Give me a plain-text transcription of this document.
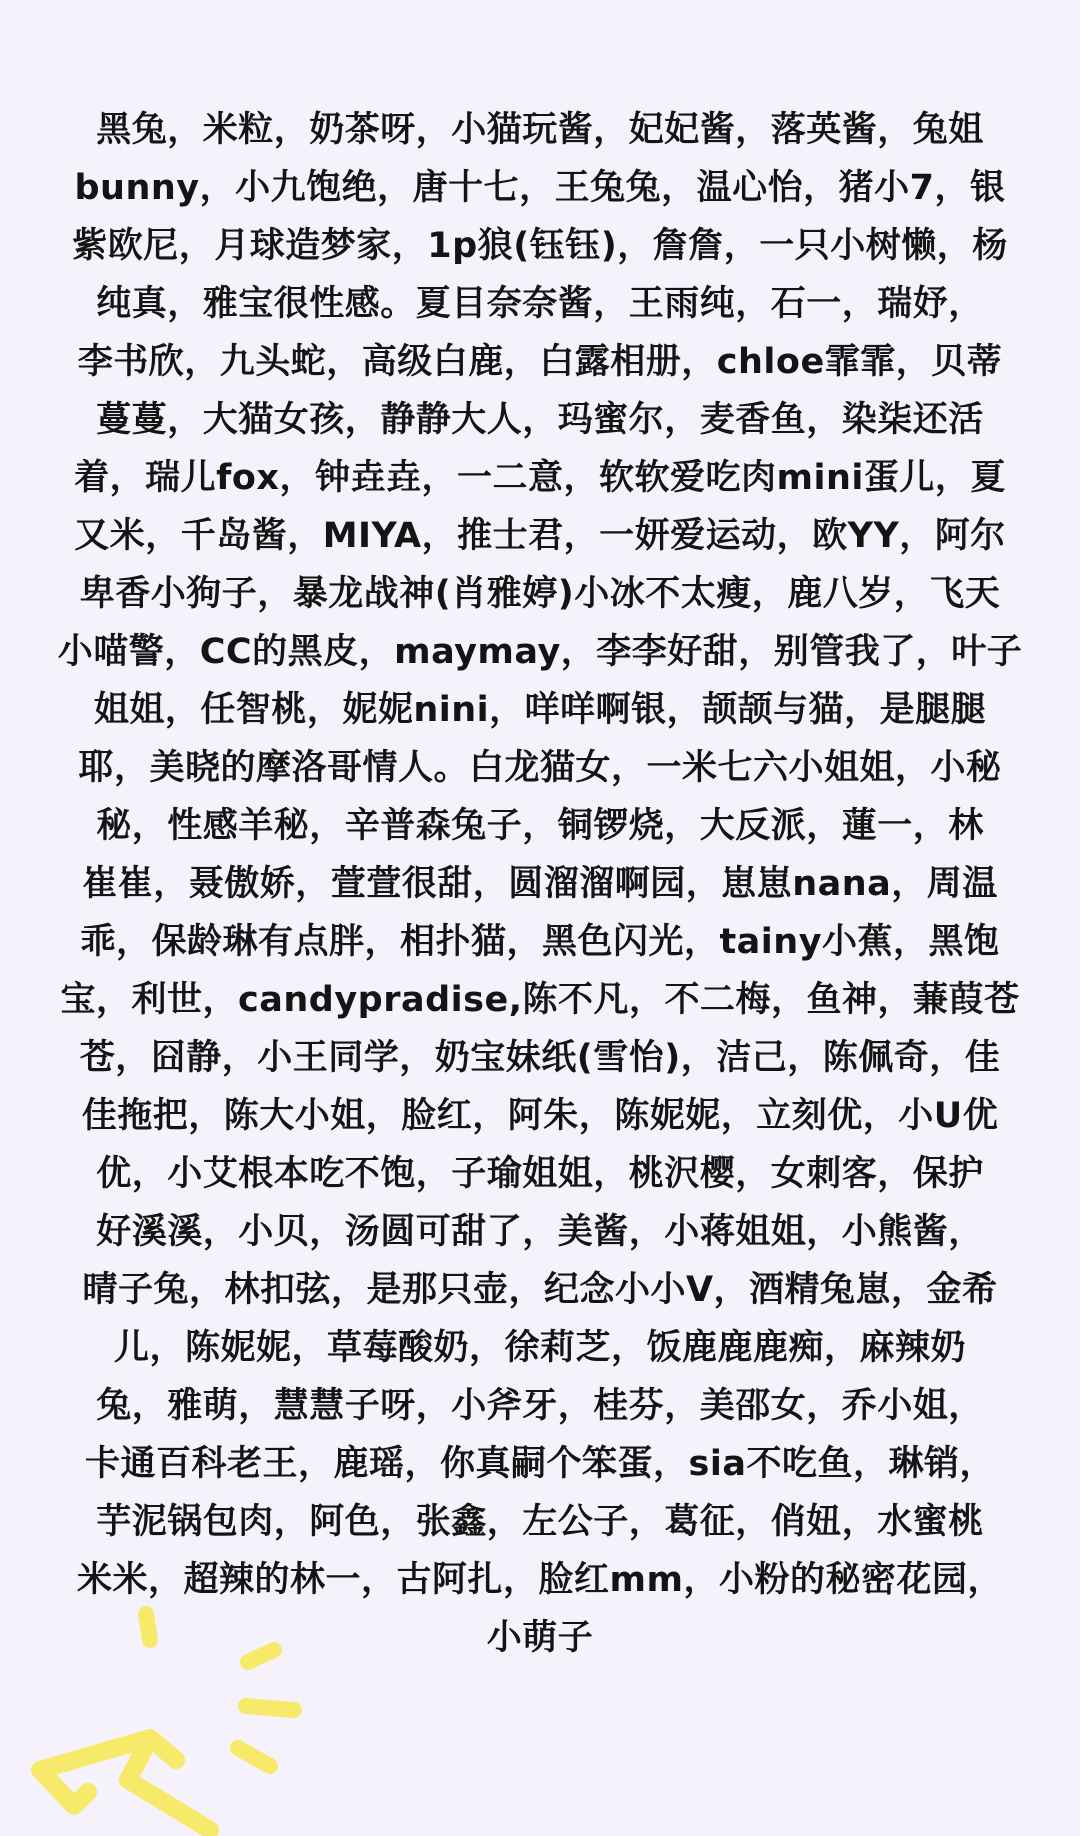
黑兔，米粒，奶茶呀，小猫玩酱，妃妃酱，落英酱，兔姐

bunny，小九饱绝，唐十七，王兔兔，温心怡，猪小7，银

紫欧尼，月球造梦家，1p狼(钰钰)，詹詹，一只小树懒，杨

纯真，雅宝很性感。夏目奈奈酱，王雨纯，石一，瑞妤，

李书欣，九头蛇，高级白鹿，白露相册，chloe霏霏，贝蒂

蔓蔓，大猫女孩，静静大人，玛蜜尔，麦香鱼，染柒还活

着，瑞儿fox，钟垚垚，一二意，软软爱吃肉mini蛋儿，夏

又米，千岛酱，MIYA，推士君，一妍爱运动，欧YY，阿尔

卑香小狗子，暴龙战神(肖雅婷)小冰不太瘦，鹿八岁，飞天

小喵警，CC的黑皮，maymay，李李好甜，别管我了，叶子

姐姐，任智桃，妮妮nini，咩咩啊银，颉颉与猫，是腿腿

耶，美晓的摩洛哥情人。白龙猫女，一米七六小姐姐，小秘

秘，性感羊秘，辛普森兔子，铜锣烧，大反派，蓮一，林

崔崔，聂傲娇，萱萱很甜，圆溜溜啊园，崽崽nana，周温

乖，保龄琳有点胖，相扑猫，黑色闪光，tainy小蕉，黑饱

宝，利世，candypradise,陈不凡，不二梅，鱼神，蒹葭苍

苍，囧静，小王同学，奶宝妹纸(雪怡)，洁己，陈佩奇，佳

佳拖把，陈大小姐，脸红，阿朱，陈妮妮，立刻优，小U优

优，小艾根本吃不饱，子瑜姐姐，桃沢樱，女刺客，保护

好溪溪，小贝，汤圆可甜了，美酱，小蒋姐姐，小熊酱，

晴子兔，林扣弦，是那只壶，纪念小小V，酒精兔崽，金希

儿，陈妮妮，草莓酸奶，徐莉芝，饭鹿鹿鹿痴，麻辣奶

兔，雅萌，慧慧子呀，小斧牙，桂芬，美邵女，乔小姐，

卡通百科老王，鹿瑶，你真嗣个笨蛋，sia不吃鱼，琳销，

芋泥锅包肉，阿色，张鑫，左公子，葛征，俏妞，水蜜桃

米米，超辣的林一，古阿扎，脸红mm，小粉的秘密花园，

小萌子
